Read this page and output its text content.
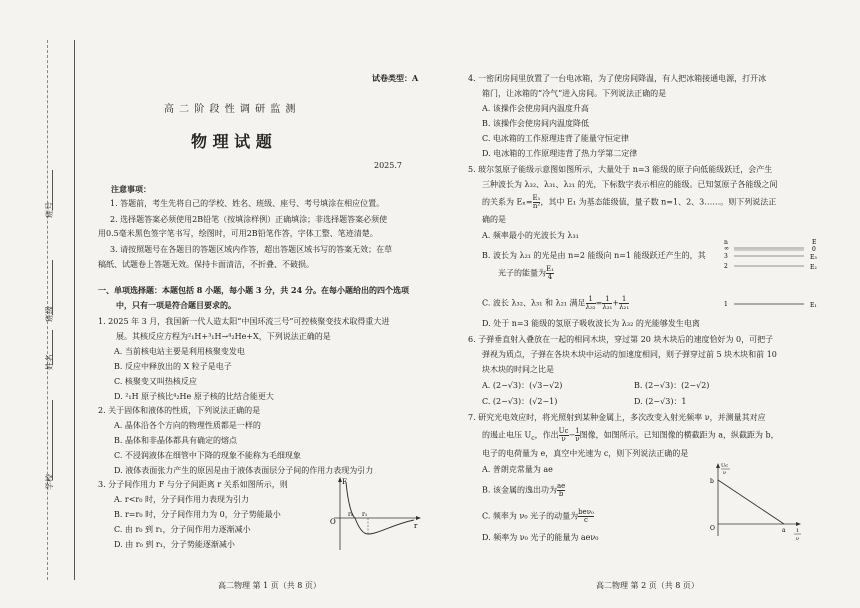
班号
班级
姓名
学校
试卷类型：A
高 二 阶 段 性 调 研 监 测
物 理 试 题
2025.7
注意事项：
1. 答题前，考生先将自己的学校、姓名、班级、座号、考号填涂在相应位置。
2. 选择题答案必须使用2B铅笔（按填涂样例）正确填涂；非选择题答案必须使
用0.5毫米黑色签字笔书写，绘图时，可用2B铅笔作答，字体工整、笔迹清楚。
3. 请按照题号在各题目的答题区域内作答，超出答题区域书写的答案无效；在草
稿纸、试题卷上答题无效。保持卡面清洁，不折叠、不破损。
一、单项选择题：本题包括 8 小题，每小题 3 分，共 24 分。在每小题给出的四个选项
中，只有一项是符合题目要求的。
1. 2025 年 3 月，我国新一代人造太阳“中国环流三号”可控核聚变技术取得重大进
展。其核反应方程为²₁H+³₁H→⁴₂He+X，下列说法正确的是
A. 当前核电站主要是利用核聚变发电
B. 反应中释放出的 X 粒子是电子
C. 核聚变又叫热核反应
D. ²₁H 原子核比⁴₂He 原子核的比结合能更大
2. 关于固体和液体的性质，下列说法正确的是
A. 晶体沿各个方向的物理性质都是一样的
B. 晶体和非晶体都具有确定的熔点
C. 不浸润液体在细管中下降的现象不能称为毛细现象
D. 液体表面张力产生的原因是由于液体表面层分子间的作用力表现为引力
3. 分子间作用力 F 与分子间距离 r 关系如图所示，则
A. r<r₀ 时，分子间作用力表现为引力
B. r=r₀ 时，分子间作用力为 0，分子势能最小
C. 由 r₀ 到 r₁，分子间作用力逐渐减小
D. 由 r₀ 到 r₁，分子势能逐渐减小
F
r
O
r₀ r₁
高二物理 第 1 页（共 8 页）
4. 一密闭房间里放置了一台电冰箱，为了使房间降温，有人把冰箱接通电源，打开冰
箱门，让冰箱的“冷气”进入房间。下列说法正确的是
A. 该操作会使房间内温度升高
B. 该操作会使房间内温度降低
C. 电冰箱的工作原理违背了能量守恒定律
D. 电冰箱的工作原理违背了热力学第二定律
5. 玻尔氢原子能级示意图如图所示，大量处于 n=3 能级的原子向低能级跃迁，会产生
三种波长为 λ₃₂、λ₃₁、λ₂₁ 的光，下标数字表示相应的能级。已知氢原子各能级之间
的关系为 $E_n= \frac{\text{E₁}}{\text{n²}}$ ，其中 E₁ 为基态能级值，量子数 n=1、2、3……。则下列说法正
确的是
A. 频率最小的光波长为 λ₃₁
B. 波长为 λ₂₁ 的光是由 n=2 能级向 n=1 能级跃迁产生的，其
光子的能量为 $\frac{\text{E₁}}{4}$
C. 波长 λ₃₂、λ₃₁ 和 λ₂₁ 满足 $\frac{1}{\text{λ₃₂}} = \frac{1}{\text{λ₃₁}} + \frac{1}{\text{λ₂₁}}$
D. 处于 n=3 能级的氢原子吸收波长为 λ₃₂ 的光能够发生电离
n	E
∞
3
2
1
0
E₃
E₂
E₁
6. 子弹垂直射入叠放在一起的相同木块，穿过第 20 块木块后的速度恰好为 0，可把子
弹视为质点，子弹在各块木块中运动的加速度相同，则子弹穿过前 5 块木块和前 10
块木块的时间之比是
A. (2−√3)：(√3−√2)	B. (2−√3)：(2−√2)
C. (2−√3)：(√2−1)	D. (2−√3)：1
7. 研究光电效应时，将光照射到某种金属上，多次改变入射光频率 ν，并测量其对应
的遏止电压 $U_c$，作出 $\frac{Uc}{\nu} - \frac{1}{\nu}$ 图像，如图所示。已知图像的横截距为 a，纵截距为 b，
电子的电荷量为 e，真空中光速为 c，则下列说法正确的是
A. 普朗克常量为 ae
B. 该金属的逸出功为 $\frac{ae}{b}$
C. 频率为 ν₀ 光子的动量为 $\frac{\text{beν₀}}{c}$
D. 频率为 ν₀ 光子的能量为 aeν₀
Uc
ν
b
O	a 1
ν
高二物理 第 2 页（共 8 页）
